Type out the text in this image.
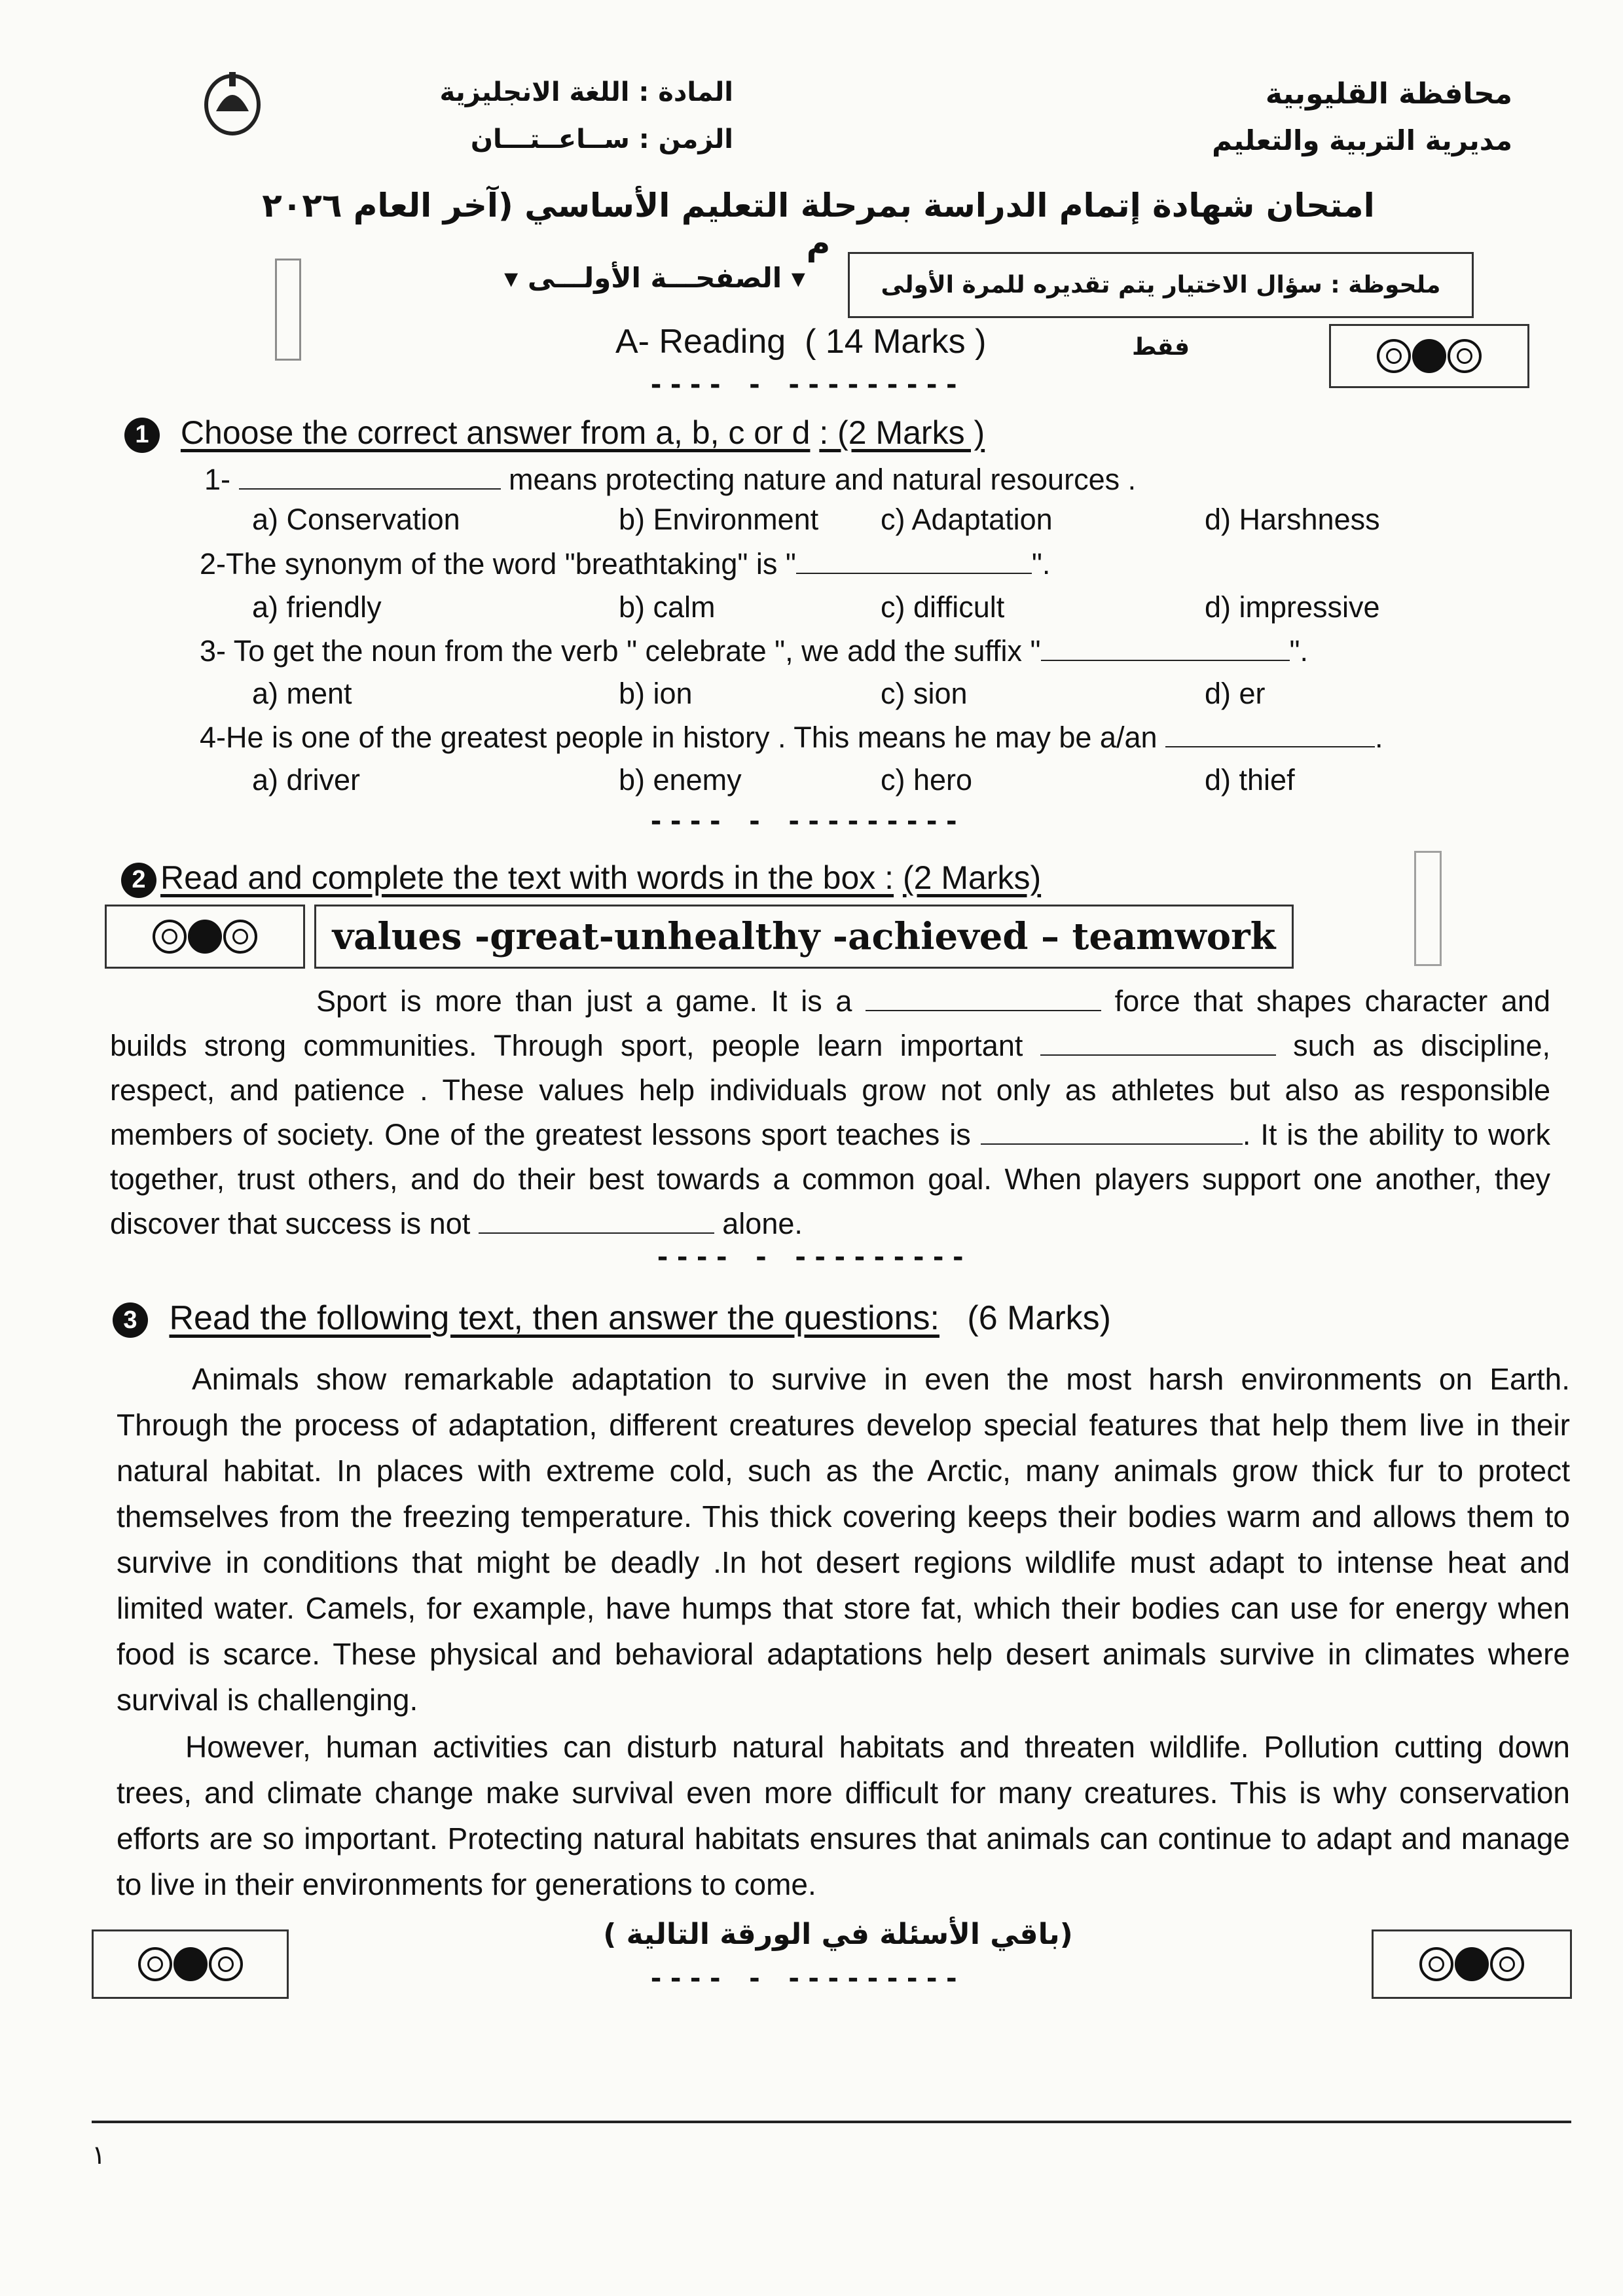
المادة : اللغة الانجليزية
الزمن : ســاعــتـــان
محافظة القليوبية
مديرية التربية والتعليم
امتحان شهادة إتمام الدراسة بمرحلة التعليم الأساسي (آخر العام ٢٠٢٦ م
▾ الصفحـــة الأولـــى ▾	ملحوظة : سؤال الاختيار يتم تقديره للمرة الأولى فقط
A- Reading ( 14 Marks )
---- - ---------
1 Choose the correct answer from a, b, c or d : (2 Marks )
1-	means protecting nature and natural resources .
a) Conservation	b) Environment c) Adaptation	d) Harshness
2-The synonym of the word "breathtaking" is "	".
a) friendly	b) calm	c) difficult	d) impressive
3- To get the noun from the verb " celebrate ", we add the suffix "	".
a) ment	b) ion	c) sion	d) er
4-He is one of the greatest people in history . This means he may be a/an	.
a) driver	b) enemy	c) hero	d) thief
---- - ---------
2 Read and complete the text with words in the box : (2 Marks)
values -great-unhealthy -achieved – teamwork
Sport is more than just a game. It is a	force that shapes character and builds strong communities. Through sport, people learn important	such as discipline, respect, and patience . These values help individuals grow not only as athletes but also as responsible members of society. One of the greatest lessons sport teaches is	. It is the ability to work together, trust others, and do their best towards a common goal. When players support one another, they discover that success is not	alone.
---- - ---------
3 Read the following text, then answer the questions: (6 Marks)
Animals show remarkable adaptation to survive in even the most harsh environments on Earth. Through the process of adaptation, different creatures develop special features that help them live in their natural habitat. In places with extreme cold, such as the Arctic, many animals grow thick fur to protect themselves from the freezing temperature. This thick covering keeps their bodies warm and allows them to survive in conditions that might be deadly .In hot desert regions wildlife must adapt to intense heat and limited water. Camels, for example, have humps that store fat, which their bodies can use for energy when food is scarce. These physical and behavioral adaptations help desert animals survive in climates where survival is challenging.
However, human activities can disturb natural habitats and threaten wildlife. Pollution cutting down trees, and climate change make survival even more difficult for many creatures. This is why conservation efforts are so important. Protecting natural habitats ensures that animals can continue to adapt and manage to live in their environments for generations to come.
(باقي الأسئلة في الورقة التالية )
---- - ---------
١
